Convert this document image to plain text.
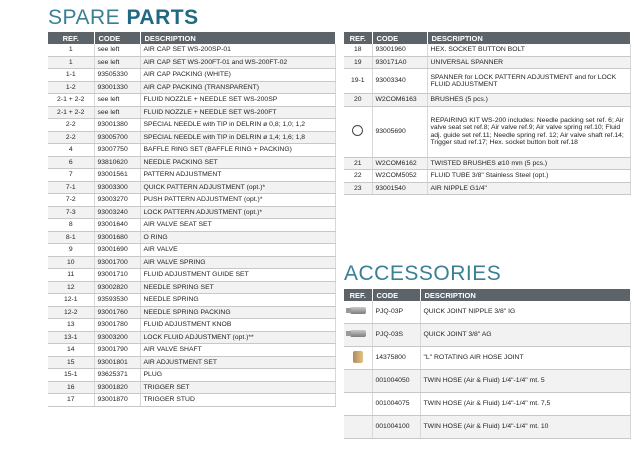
SPARE PARTS
REF.	CODE	DESCRIPTION
1	see left	AIR CAP SET WS-200SP-01
1	see left	AIR CAP SET WS-200FT-01 and WS-200FT-02
1-1	93505330	AIR CAP PACKING (WHITE)
1-2	93001330	AIR CAP PACKING (TRANSPARENT)
2-1 + 2-2	see left	FLUID NOZZLE + NEEDLE SET WS-200SP
2-1 + 2-2	see left	FLUID NOZZLE + NEEDLE SET WS-200FT
2-2	93001380	SPECIAL NEEDLE with TIP in DELRIN ø 0,8; 1,0; 1,2
2-2	93005700	SPECIAL NEEDLE with TIP in DELRIN ø 1,4; 1,6; 1,8
4	93007750	BAFFLE RING SET (BAFFLE RING + PACKING)
6	93810620	NEEDLE PACKING SET
7	93001561	PATTERN ADJUSTMENT
7-1	93003300	QUICK PATTERN ADJUSTMENT (opt.)*
7-2	93003270	PUSH PATTERN ADJUSTMENT (opt.)*
7-3	93003240	LOCK PATTERN ADJUSTMENT (opt.)*
8	93001640	AIR VALVE SEAT SET
8-1	93001680	O RING
9	93001690	AIR VALVE
10	93001700	AIR VALVE SPRING
11	93001710	FLUID ADJUSTMENT GUIDE SET
12	93002820	NEEDLE SPRING SET
12-1	93593530	NEEDLE SPRING
12-2	93001760	NEEDLE SPRING PACKING
13	93001780	FLUID ADJUSTMENT KNOB
13-1	93003200	LOCK FLUID ADJUSTMENT (opt.)**
14	93001790	AIR VALVE SHAFT
15	93001801	AIR ADJUSTMENT SET
15-1	93625371	PLUG
16	93001820	TRIGGER SET
17	93001870	TRIGGER STUD
REF.	CODE	DESCRIPTION
18	93001960	HEX. SOCKET BUTTON BOLT
19	930171A0	UNIVERSAL SPANNER
19-1	93003340	SPANNER for LOCK PATTERN ADJUSTMENT and for LOCK FLUID ADJUSTMENT
20	W2COM6163	BRUSHES (5 pcs.)
	93005690	REPAIRING KIT WS-200 includes: Needle packing set ref. 6; Air valve seat set ref.8; Air valve ref.9; Air valve spring ref.10; Fluid adj. guide set ref.11; Needle spring ref. 12; Air valve shaft ref.14; Trigger stud ref.17; Hex. socket button bolt ref.18
21	W2COM6162	TWISTED BRUSHES ø10 mm (5 pcs.)
22	W2COM5052	FLUID TUBE 3/8" Stainless Steel (opt.)
23	93001540	AIR NIPPLE G1/4"
ACCESSORIES
REF.	CODE	DESCRIPTION
	PJQ-03P	QUICK JOINT NIPPLE 3/8" IG
	PJQ-03S	QUICK JOINT 3/8" AG
	14375800	"L" ROTATING AIR HOSE JOINT
	001004050	TWIN HOSE (Air & Fluid) 1/4"-1/4" mt. 5
	001004075	TWIN HOSE (Air & Fluid) 1/4"-1/4" mt. 7,5
	001004100	TWIN HOSE (Air & Fluid) 1/4"-1/4" mt. 10
